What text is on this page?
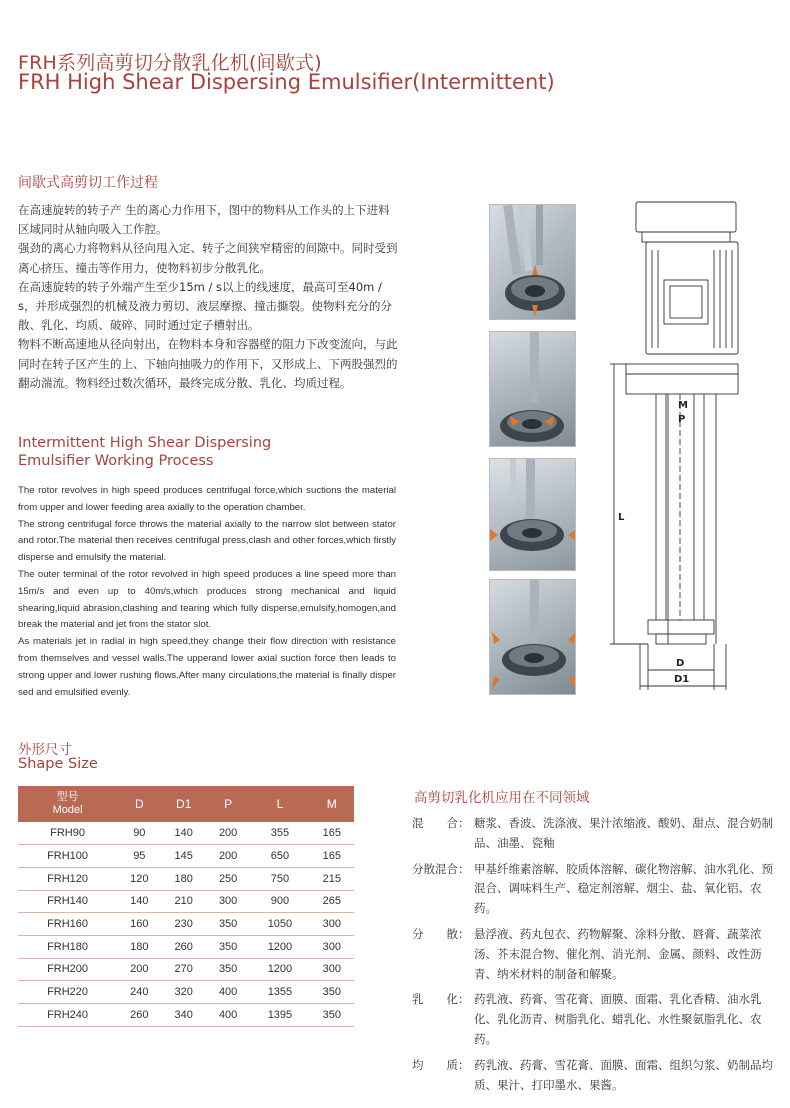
FRH系列高剪切分散乳化机(间歇式)
FRH High Shear Dispersing Emulsifier(Intermittent)
间歇式高剪切工作过程

在高速旋转的转子产 生的离心力作用下，图中的物料从工作头的上下进料区域同时从轴向吸入工作腔。

强劲的离心力将物料从径向甩入定、转子之间狭窄精密的间隙中。同时受到离心挤压、撞击等作用力，使物料初步分散乳化。

在高速旋转的转子外端产生至少15m / s以上的线速度，最高可至40m / s，并形成强烈的机械及液力剪切、液层摩擦、撞击撕裂。使物料充分的分散、乳化、均质、破碎、同时通过定子槽射出。

物料不断高速地从径向射出，在物料本身和容器壁的阻力下改变流向，与此同时在转子区产生的上、下轴向抽吸力的作用下，又形成上、下两股强烈的翻动湍流。物料经过数次循环，最终完成分散、乳化、均质过程。

Intermittent High Shear Dispersing
Emulsifier Working Process

The rotor revolves in high speed produces centrifugal force,which suctions the material from upper and lower feeding area axially to the operation chamber.

The strong centrifugal force throws the material axially to the narrow slot between stator and rotor.The material then receives centrifugal press,clash and other forces,which firstly disperse and emulsify the material.

The outer terminal of the rotor revolved in high speed produces a line speed more than 15m/s and even up to 40m/s,which produces strong mechanical and liquid shearing,liquid abrasion,clashing and tearing which fully disperse,emulsify,homogen,and break the material and jet from the stator slot.

As materials jet in radial in high speed,they change their flow direction with resistance from themselves and vessel walls.The upperand lower axial suction force then leads to strong upper and lower rushing flows.After many circulations,the material is finally disper sed and emulsified evenly.

M
P
L
D
D1
外形尺寸
Shape Size
型号
Model	D	D1	P	L	M
FRH90	90	140	200	355	165
FRH100	95	145	200	650	165
FRH120	120	180	250	750	215
FRH140	140	210	300	900	265
FRH160	160	230	350	1050	300
FRH180	180	260	350	1200	300
FRH200	200	270	350	1200	300
FRH220	240	320	400	1355	350
FRH240	260	340	400	1395	350
高剪切乳化机应用在不同领域
混　　合： 糖浆、香波、洗涤液、果汁浓缩液、酸奶、甜点、混合奶制品、油墨、瓷釉
分散混合： 甲基纤维素溶解、胶质体溶解、碳化物溶解、油水乳化、预混合、调味料生产、稳定剂溶解、烟尘、盐、氧化铝、农药。
分　　散： 悬浮液、药丸包衣、药物解聚、涂料分散、唇膏、蔬菜浓汤、芥末混合物、催化剂、消光剂、金属、颜料、改性沥青、纳米材料的制备和解聚。
乳　　化： 药乳液、药膏、雪花膏、面膜、面霜、乳化香精、油水乳化、乳化沥青、树脂乳化、蜡乳化、水性聚氨脂乳化、农药。
均　　质： 药乳液、药膏、雪花膏、面膜、面霜、组织匀浆、奶制品均质、果汁、打印墨水、果酱。
